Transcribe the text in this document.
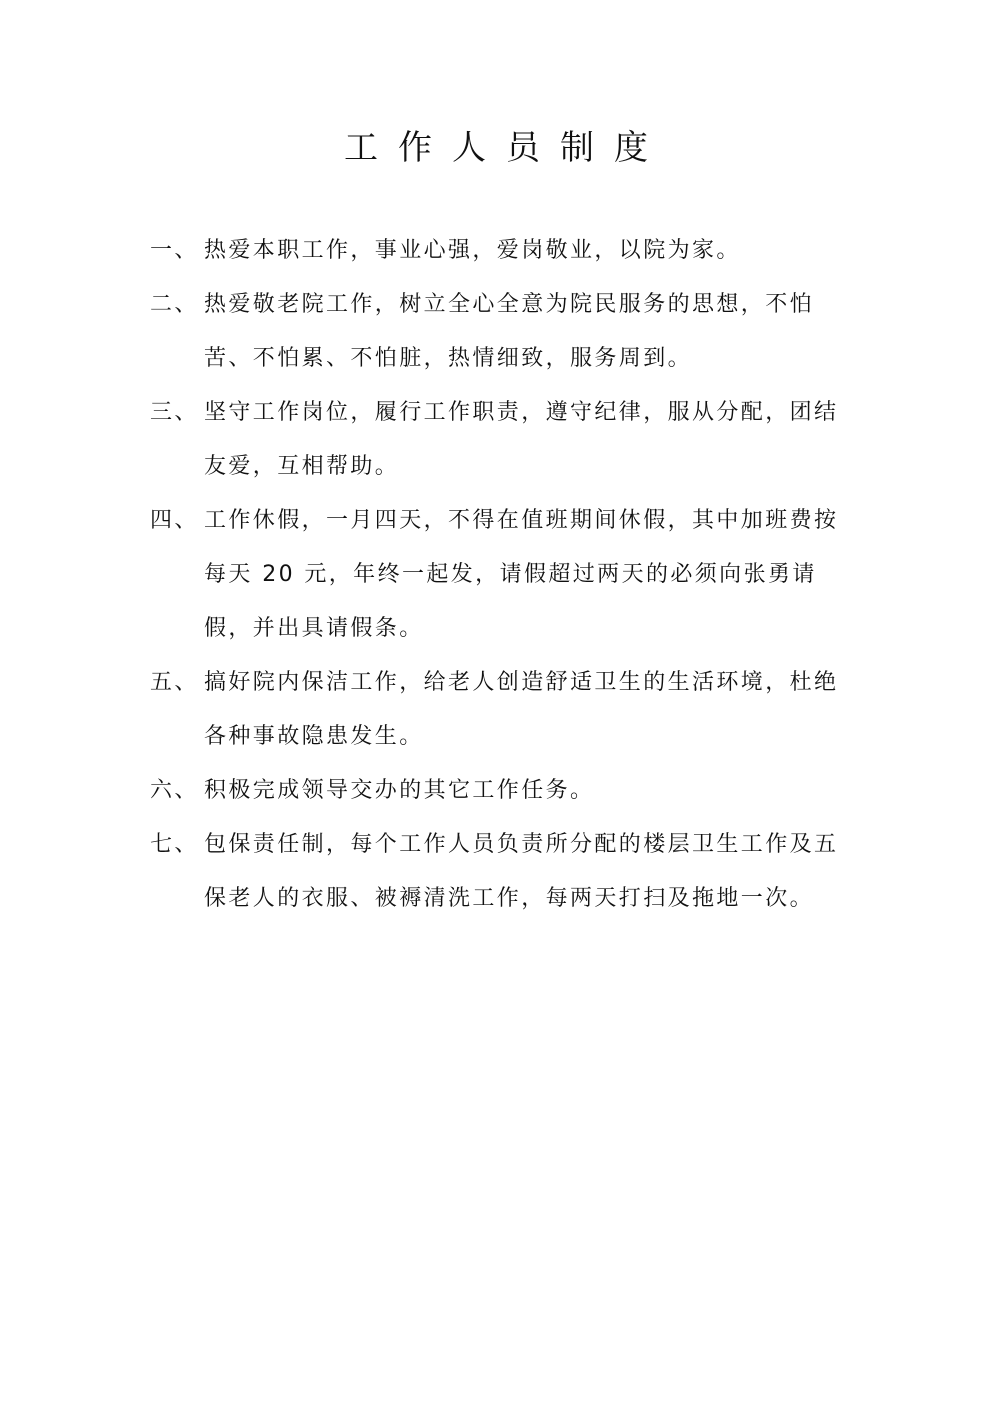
工作人员制度
一、 热爱本职工作，事业心强，爱岗敬业，以院为家。
二、 热爱敬老院工作，树立全心全意为院民服务的思想，不怕苦、不怕累、不怕脏，热情细致，服务周到。
三、 坚守工作岗位，履行工作职责，遵守纪律，服从分配，团结友爱，互相帮助。
四、 工作休假，一月四天，不得在值班期间休假，其中加班费按每天 20 元，年终一起发，请假超过两天的必须向张勇请假，并出具请假条。
五、 搞好院内保洁工作，给老人创造舒适卫生的生活环境，杜绝各种事故隐患发生。
六、 积极完成领导交办的其它工作任务。
七、 包保责任制，每个工作人员负责所分配的楼层卫生工作及五保老人的衣服、被褥清洗工作，每两天打扫及拖地一次。
